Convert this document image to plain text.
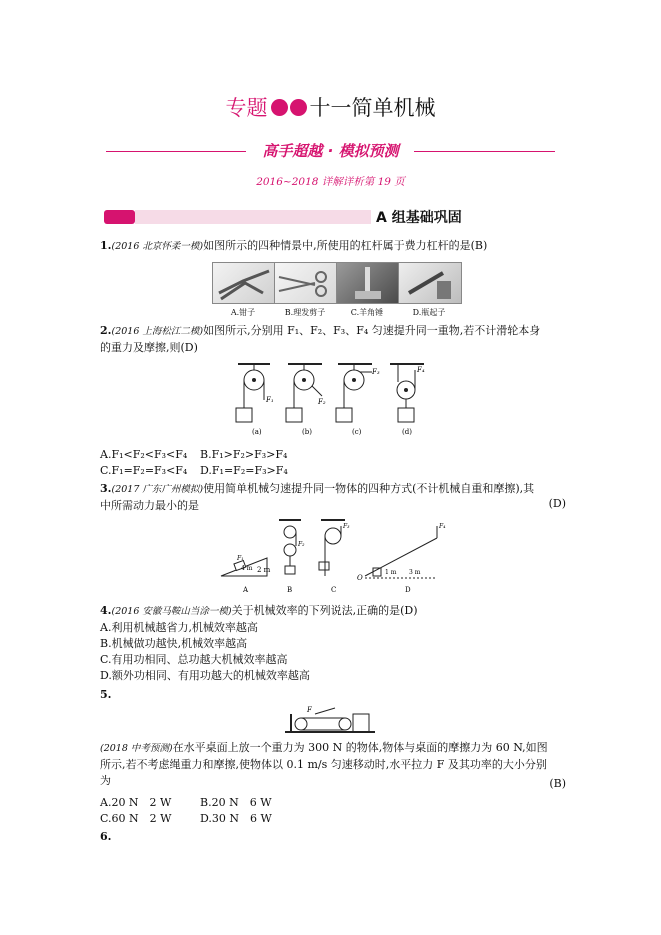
专题 十一简单机械
高手超越 · 模拟预测
2016~2018 详解详析第 19 页
A 组基础巩固
1.(2016 北京怀柔一模)如图所示的四种情景中,所使用的杠杆属于费力杠杆的是(B)
A.钳子	B.理发剪子	C.羊角锤	D.瓶起子
2.(2016 上海松江二模)如图所示,分别用 F₁、F₂、F₃、F₄ 匀速提升同一重物,若不计滑轮本身
的重力及摩擦,则(D)
F₁
(a)
F₂
(b)
F₃
(c)
F₄
(d)
A.F₁<F₂<F₃<F₄ B.F₁>F₂>F₃>F₄
C.F₁=F₂=F₃<F₄ D.F₁=F₂=F₃>F₄
3.(2017 广东广州模拟)使用简单机械匀速提升同一物体的四种方式(不计机械自重和摩擦),其
中所需动力最小的是	(D)
F₁
4 m 2 m
A
F₂
B
F₃
C
O
1 m 3 m
F₄
D
4.(2016 安徽马鞍山当涂一模)关于机械效率的下列说法,正确的是(D)
A.利用机械越省力,机械效率越高
B.机械做功越快,机械效率越高
C.有用功相同、总功越大机械效率越高
D.额外功相同、有用功越大的机械效率越高
5.
F
(2018 中考预测)在水平桌面上放一个重力为 300 N 的物体,物体与桌面的摩擦力为 60 N,如图
所示,若不考虑绳重力和摩擦,使物体以 0.1 m/s 匀速移动时,水平拉力 F 及其功率的大小分别
为	(B)
A.20 N　2 W	B.20 N　6 W
C.60 N　2 W	D.30 N　6 W
6.
